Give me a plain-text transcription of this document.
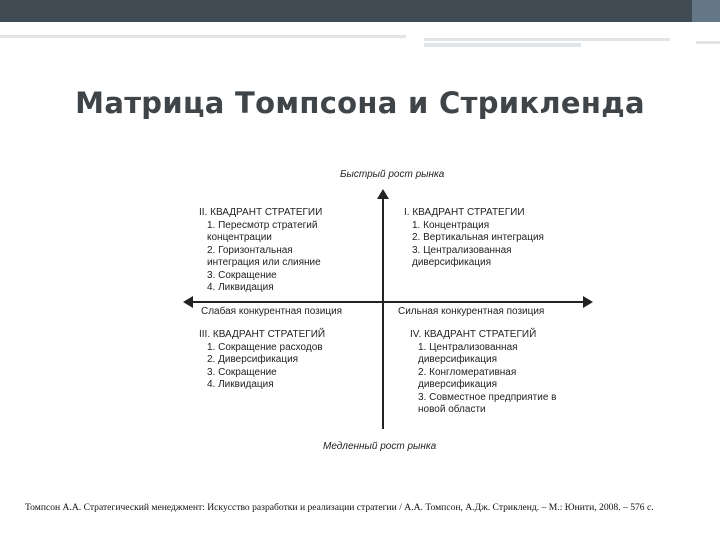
Матрица Томпсона и Стрикленда
Быстрый рост рынка
Медленный рост рынка
Слабая конкурентная позиция	Сильная конкурентная позиция
II. КВАДРАНТ СТРАТЕГИИ
1. Пересмотр стратегий концентрации
2. Горизонтальная интеграция или слияние
3. Сокращение
4. Ликвидация
I. КВАДРАНТ СТРАТЕГИИ
1. Концентрация
2. Вертикальная интеграция
3. Централизованная диверсификация
III. КВАДРАНТ СТРАТЕГИЙ
1. Сокращение расходов
2. Диверсификация
3. Сокращение
4. Ликвидация
IV. КВАДРАНТ СТРАТЕГИЙ
1. Централизованная диверсификация
2. Конгломеративная диверсификация
3. Совместное предприятие в новой области
Томпсон А.А. Стратегический менеджмент: Искусство разработки и реализации стратегии / А.А. Томпсон, А.Дж. Стрикленд. – М.: Юнити, 2008. – 576 с.
